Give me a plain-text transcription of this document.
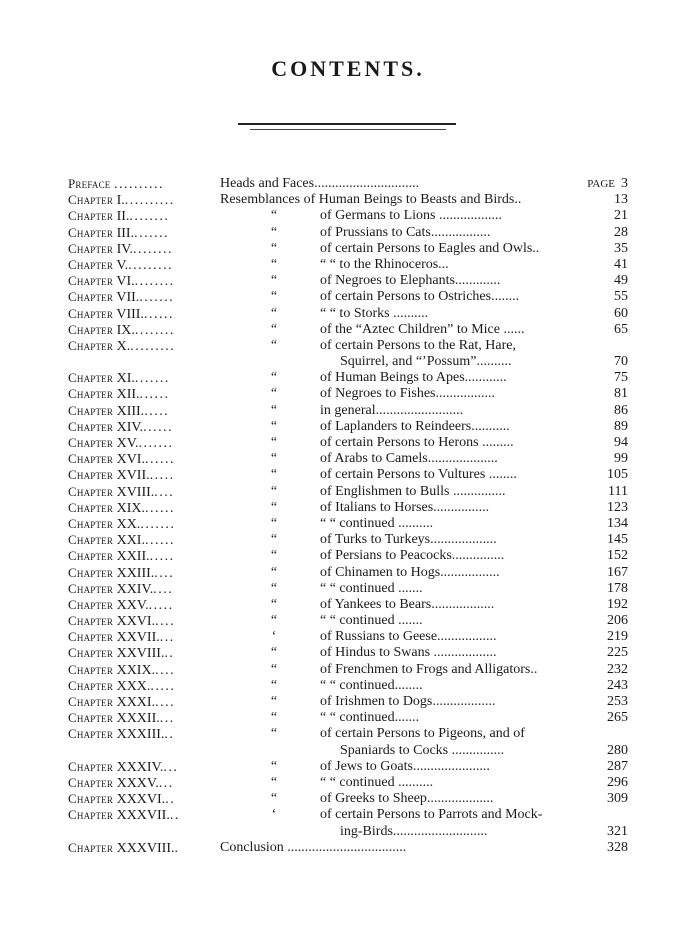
CONTENTS.
Preface ..........	Heads and Faces..............................	PAGE 3
Chapter I...........	Resemblances of Human Beings to Beasts and Birds..	13
Chapter II.........	“	of Germans to Lions ..................	21
Chapter III........	“	of Prussians to Cats.................	28
Chapter IV.........	“	of certain Persons to Eagles and Owls..	35
Chapter V..........	“	“ “ to the Rhinoceros...	41
Chapter VI.........	“	of Negroes to Elephants.............	49
Chapter VII........	“	of certain Persons to Ostriches........	55
Chapter VIII.......	“	“ “ to Storks ..........	60
Chapter IX.........	“	of the “Aztec Children” to Mice ......	65
Chapter X..........	“	of certain Persons to the Rat, Hare,
Squirrel, and “’Possum”..........	70
Chapter XI........	“	of Human Beings to Apes............	75
Chapter XII.......	“	of Negroes to Fishes.................	81
Chapter XIII......	“	in general.........................	86
Chapter XIV.......	“	of Laplanders to Reindeers...........	89
Chapter XV........	“	of certain Persons to Herons .........	94
Chapter XVI.......	“	of Arabs to Camels....................	99
Chapter XVII......	“	of certain Persons to Vultures ........	105
Chapter XVIII.....	“	of Englishmen to Bulls ...............	111
Chapter XIX.......	“	of Italians to Horses................	123
Chapter XX........	“	“ “ continued ..........	134
Chapter XXI.......	“	of Turks to Turkeys...................	145
Chapter XXII......	“	of Persians to Peacocks...............	152
Chapter XXIII.....	“	of Chinamen to Hogs.................	167
Chapter XXIV.....	“	“ “ continued .......	178
Chapter XXV......	“	of Yankees to Bears..................	192
Chapter XXVI.....	“	“ “ continued .......	206
Chapter XXVII....	‘	of Russians to Geese.................	219
Chapter XXVIII...	“	of Hindus to Swans ..................	225
Chapter XXIX.....	“	of Frenchmen to Frogs and Alligators..	232
Chapter XXX......	“	“ “ continued........	243
Chapter XXXI.....	“	of Irishmen to Dogs..................	253
Chapter XXXII....	“	“ “ continued.......	265
Chapter XXXIII...	“	of certain Persons to Pigeons, and of
Spaniards to Cocks ...............	280
Chapter XXXIV....	“	of Jews to Goats......................	287
Chapter XXXV....	“	“ “ continued ..........	296
Chapter XXXVI...	“	of Greeks to Sheep...................	309
Chapter XXXVII...	‘	of certain Persons to Parrots and Mock-
ing-Birds...........................	321
Chapter XXXVIII..	Conclusion ..................................	328
